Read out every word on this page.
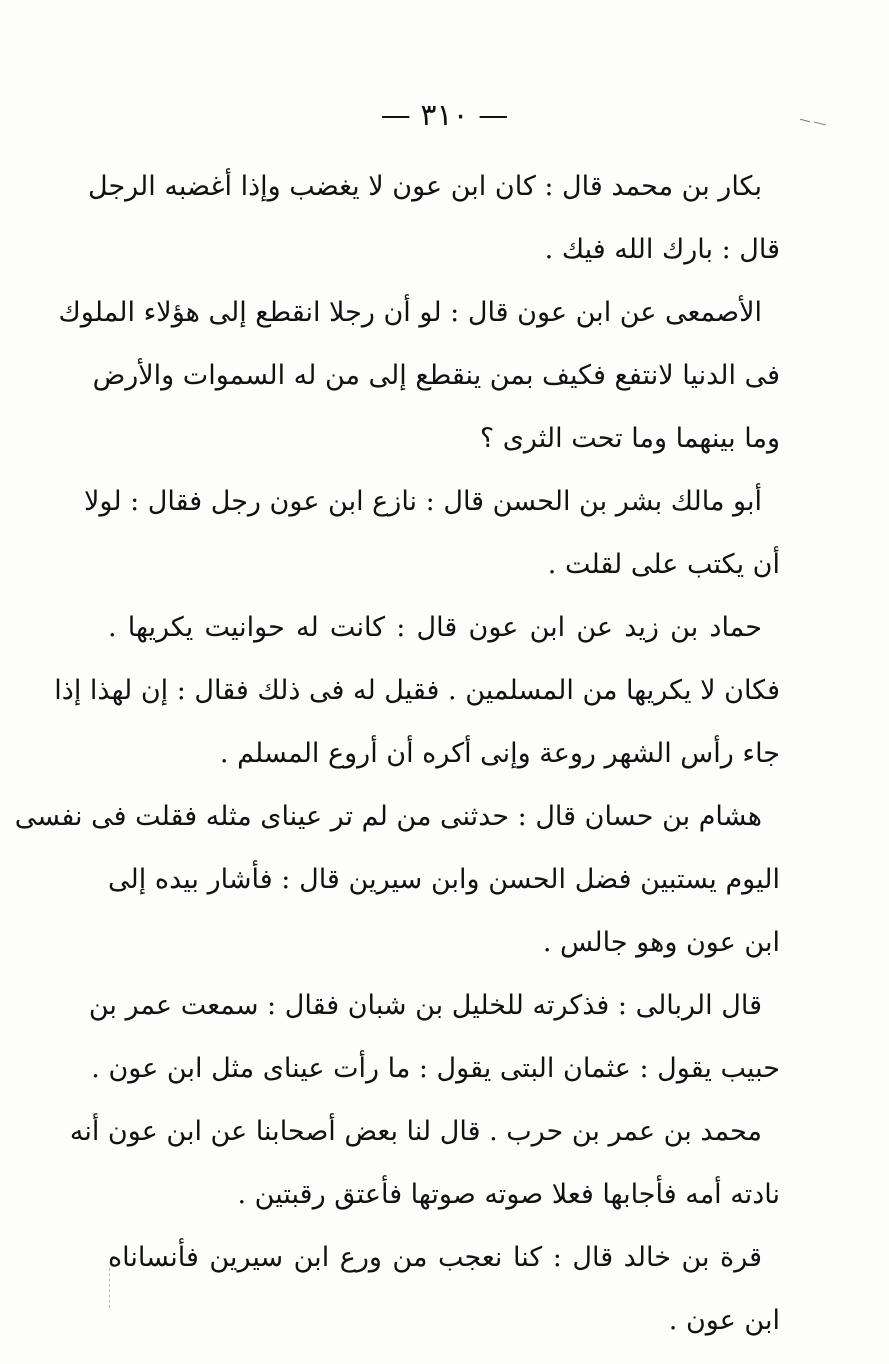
— ٣١٠ —
بكار بن محمد قال : كان ابن عون لا يغضب وإذا أغضبه الرجل
قال : بارك الله فيك .
الأصمعى عن ابن عون قال : لو أن رجلا انقطع إلى هؤلاء الملوك
فى الدنيا لانتفع فكيف بمن ينقطع إلى من له السموات والأرض
وما بينهما وما تحت الثرى ؟
أبو مالك بشر بن الحسن قال : نازع ابن عون رجل فقال : لولا
أن يكتب على لقلت .
حماد بن زيد عن ابن عون قال : كانت له حوانيت يكريها .
فكان لا يكريها من المسلمين . فقيل له فى ذلك فقال : إن لهذا إذا
جاء رأس الشهر روعة وإنى أكره أن أروع المسلم .
هشام بن حسان قال : حدثنى من لم تر عيناى مثله فقلت فى نفسى
اليوم يستبين فضل الحسن وابن سيرين قال : فأشار بيده إلى
ابن عون وهو جالس .
قال الربالى : فذكرته للخليل بن شبان فقال : سمعت عمر بن
حبيب يقول : عثمان البتى يقول : ما رأت عيناى مثل ابن عون .
محمد بن عمر بن حرب . قال لنا بعض أصحابنا عن ابن عون أنه
نادته أمه فأجابها فعلا صوته صوتها فأعتق رقبتين .
قرة بن خالد قال : كنا نعجب من ورع ابن سيرين فأنساناه
ابن عون .
